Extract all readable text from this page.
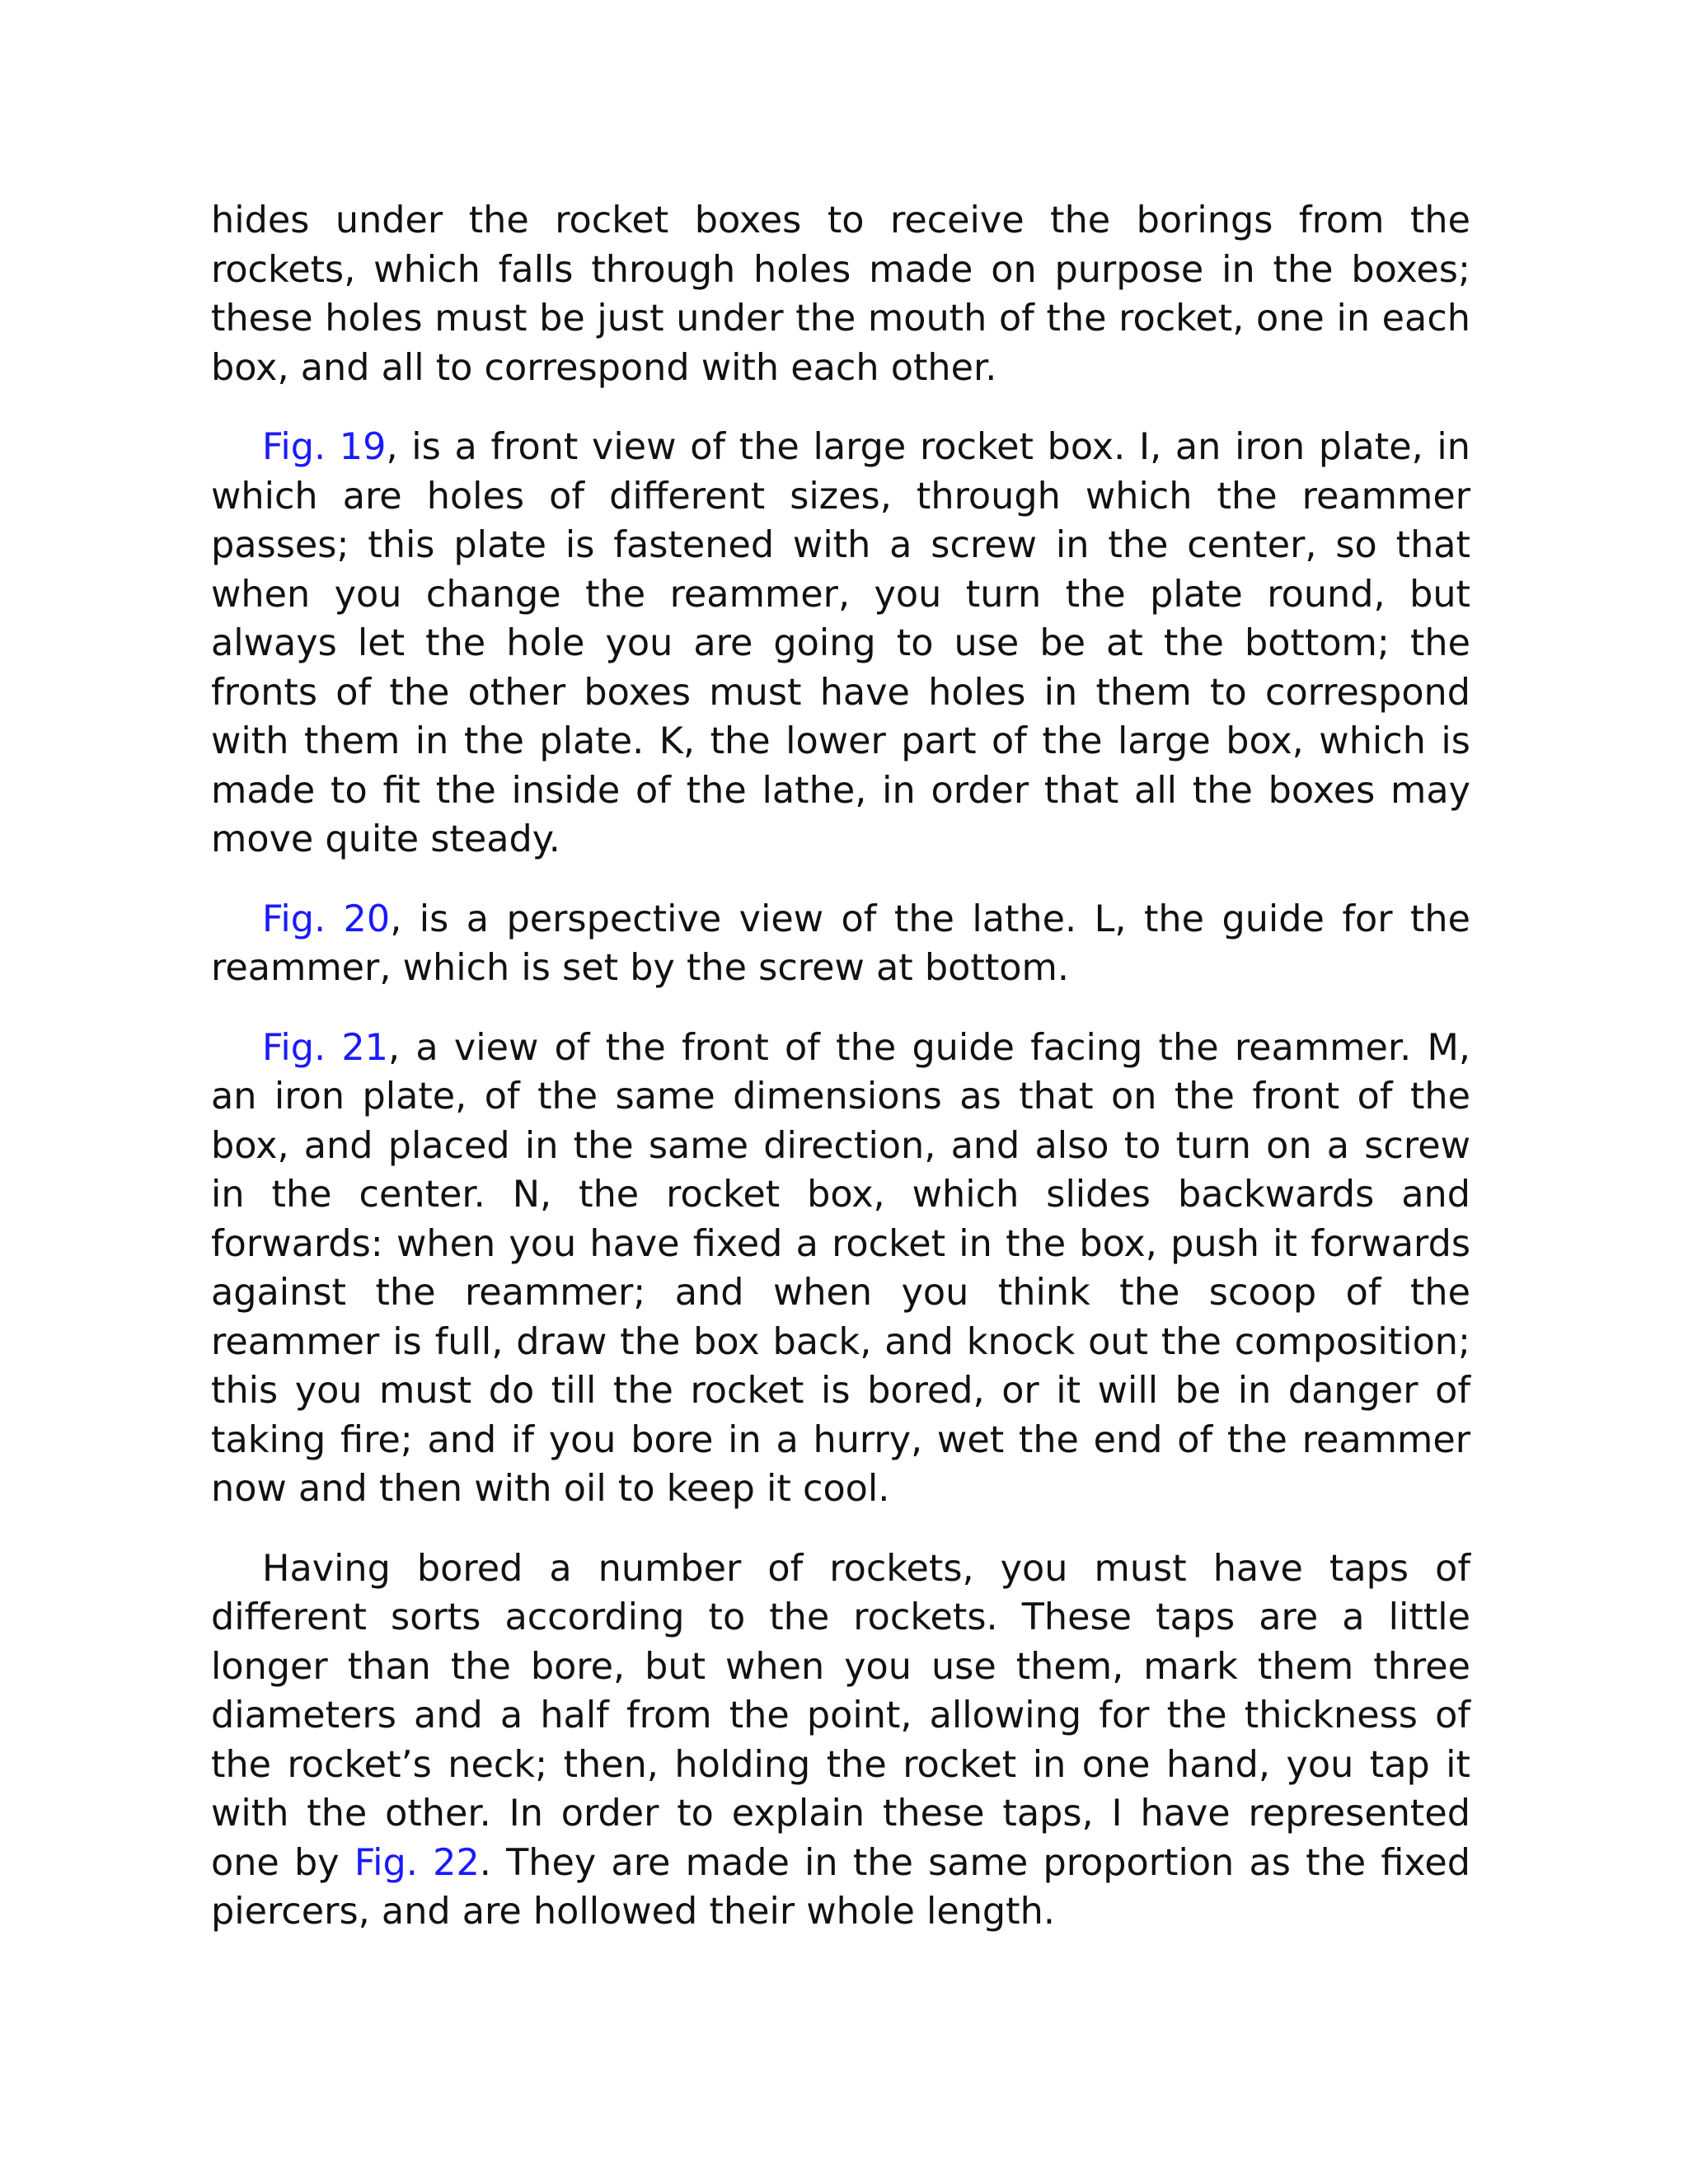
hides under the rocket boxes to receive the borings from the rockets, which falls through holes made on purpose in the boxes; these holes must be just under the mouth of the rocket, one in each box, and all to correspond with each other.

Fig. 19, is a front view of the large rocket box. I, an iron plate, in which are holes of different sizes, through which the reammer passes; this plate is fastened with a screw in the center, so that when you change the reammer, you turn the plate round, but always let the hole you are going to use be at the bottom; the fronts of the other boxes must have holes in them to correspond with them in the plate. K, the lower part of the large box, which is made to fit the inside of the lathe, in order that all the boxes may move quite steady.

Fig. 20, is a perspective view of the lathe. L, the guide for the reammer, which is set by the screw at bottom.

Fig. 21, a view of the front of the guide facing the reammer. M, an iron plate, of the same dimensions as that on the front of the box, and placed in the same direction, and also to turn on a screw in the center. N, the rocket box, which slides backwards and forwards: when you have fixed a rocket in the box, push it forwards against the reammer; and when you think the scoop of the reammer is full, draw the box back, and knock out the composition; this you must do till the rocket is bored, or it will be in danger of taking fire; and if you bore in a hurry, wet the end of the reammer now and then with oil to keep it cool.

Having bored a number of rockets, you must have taps of different sorts according to the rockets. These taps are a little longer than the bore, but when you use them, mark them three diameters and a half from the point, allowing for the thickness of the rocket’s neck; then, holding the rocket in one hand, you tap it with the other. In order to explain these taps, I have represented one by Fig. 22. They are made in the same proportion as the fixed piercers, and are hollowed their whole length.
